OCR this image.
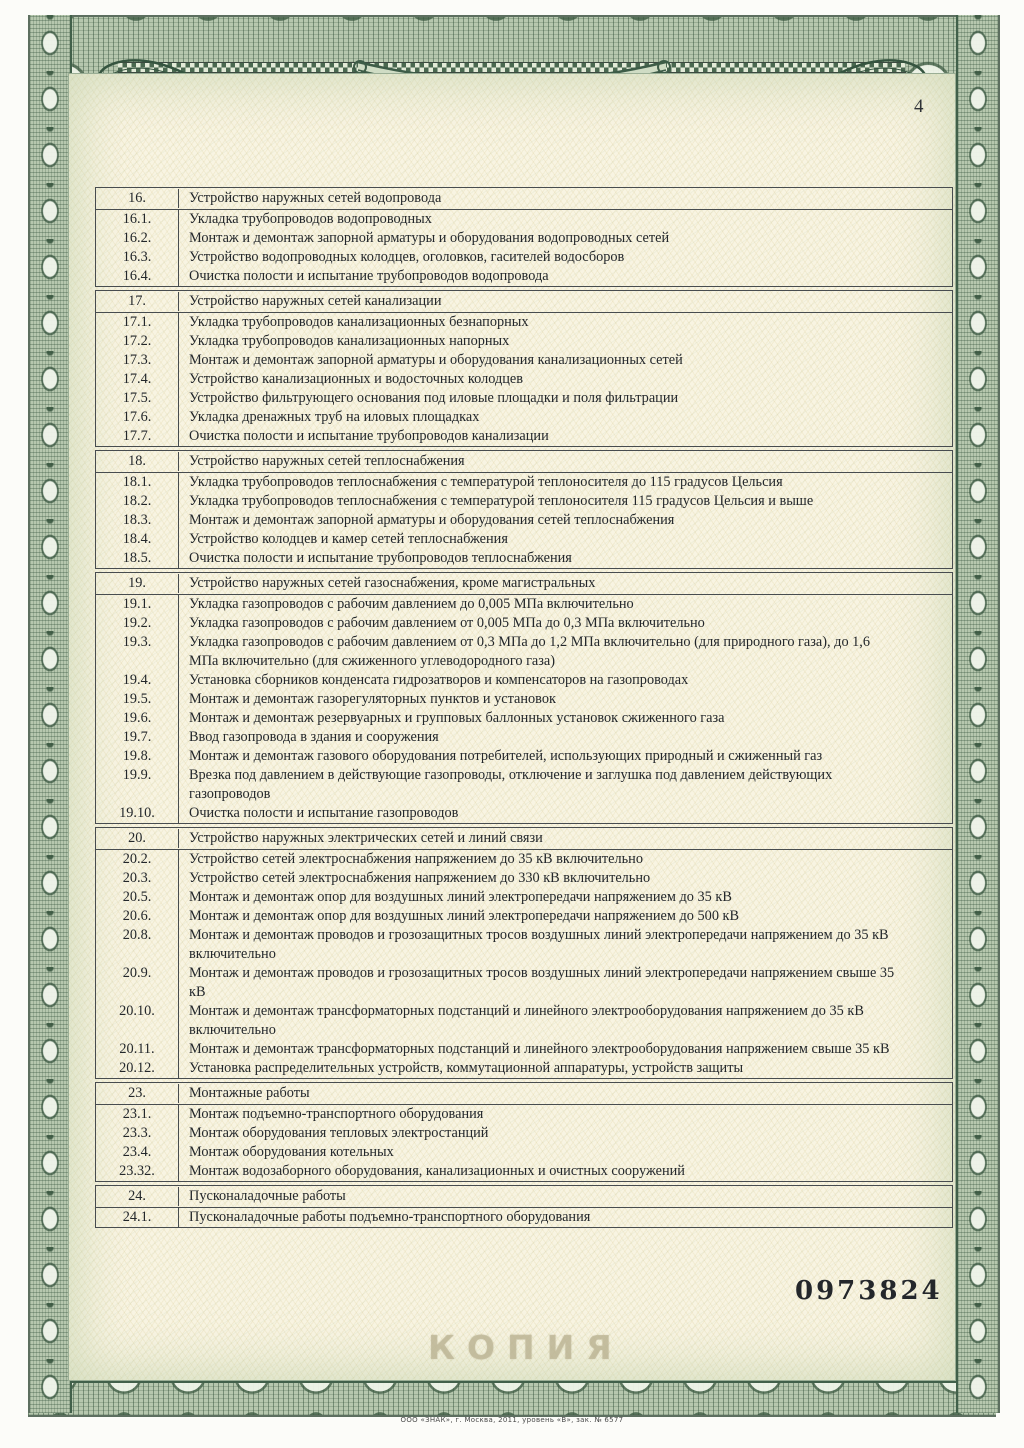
4
16.	Устройство наружных сетей водопровода
16.1.	Укладка трубопроводов водопроводных
16.2.	Монтаж и демонтаж запорной арматуры и оборудования водопроводных сетей
16.3.	Устройство водопроводных колодцев, оголовков, гасителей водосборов
16.4.	Очистка полости и испытание трубопроводов водопровода
17.	Устройство наружных сетей канализации
17.1.	Укладка трубопроводов канализационных безнапорных
17.2.	Укладка трубопроводов канализационных напорных
17.3.	Монтаж и демонтаж запорной арматуры и оборудования канализационных сетей
17.4.	Устройство канализационных и водосточных колодцев
17.5.	Устройство фильтрующего основания под иловые площадки и поля фильтрации
17.6.	Укладка дренажных труб на иловых площадках
17.7.	Очистка полости и испытание трубопроводов канализации
18.	Устройство наружных сетей теплоснабжения
18.1.	Укладка трубопроводов теплоснабжения с температурой теплоносителя до 115 градусов Цельсия
18.2.	Укладка трубопроводов теплоснабжения с температурой теплоносителя 115 градусов Цельсия и выше
18.3.	Монтаж и демонтаж запорной арматуры и оборудования сетей теплоснабжения
18.4.	Устройство колодцев и камер сетей теплоснабжения
18.5.	Очистка полости и испытание трубопроводов теплоснабжения
19.	Устройство наружных сетей газоснабжения, кроме магистральных
19.1.	Укладка газопроводов с рабочим давлением до 0,005 МПа включительно
19.2.	Укладка газопроводов с рабочим давлением от 0,005 МПа до 0,3 МПа включительно
19.3.	Укладка газопроводов с рабочим давлением от 0,3 МПа до 1,2 МПа включительно (для природного газа), до 1,6 МПа включительно (для сжиженного углеводородного газа)
19.4.	Установка сборников конденсата гидрозатворов и компенсаторов на газопроводах
19.5.	Монтаж и демонтаж газорегуляторных пунктов и установок
19.6.	Монтаж и демонтаж резервуарных и групповых баллонных установок сжиженного газа
19.7.	Ввод газопровода в здания и сооружения
19.8.	Монтаж и демонтаж газового оборудования потребителей, использующих природный и сжиженный газ
19.9.	Врезка под давлением в действующие газопроводы, отключение и заглушка под давлением действующих газопроводов
19.10.	Очистка полости и испытание газопроводов
20.	Устройство наружных электрических сетей и линий связи
20.2.	Устройство сетей электроснабжения напряжением до 35 кВ включительно
20.3.	Устройство сетей электроснабжения напряжением до 330 кВ включительно
20.5.	Монтаж и демонтаж опор для воздушных линий электропередачи напряжением до 35 кВ
20.6.	Монтаж и демонтаж опор для воздушных линий электропередачи напряжением до 500 кВ
20.8.	Монтаж и демонтаж проводов и грозозащитных тросов воздушных линий электропередачи напряжением до 35 кВ включительно
20.9.	Монтаж и демонтаж проводов и грозозащитных тросов воздушных линий электропередачи напряжением свыше 35 кВ
20.10.	Монтаж и демонтаж трансформаторных подстанций и линейного электрооборудования напряжением до 35 кВ включительно
20.11.	Монтаж и демонтаж трансформаторных подстанций и линейного электрооборудования напряжением свыше 35 кВ
20.12.	Установка распределительных устройств, коммутационной аппаратуры, устройств защиты
23.	Монтажные работы
23.1.	Монтаж подъемно-транспортного оборудования
23.3.	Монтаж оборудования тепловых электростанций
23.4.	Монтаж оборудования котельных
23.32.	Монтаж водозаборного оборудования, канализационных и очистных сооружений
24.	Пусконаладочные работы
24.1.	Пусконаладочные работы подъемно-транспортного оборудования
0973824
КОПИЯ
ООО «ЗНАК», г. Москва, 2011, уровень «В», зак. № 6577
